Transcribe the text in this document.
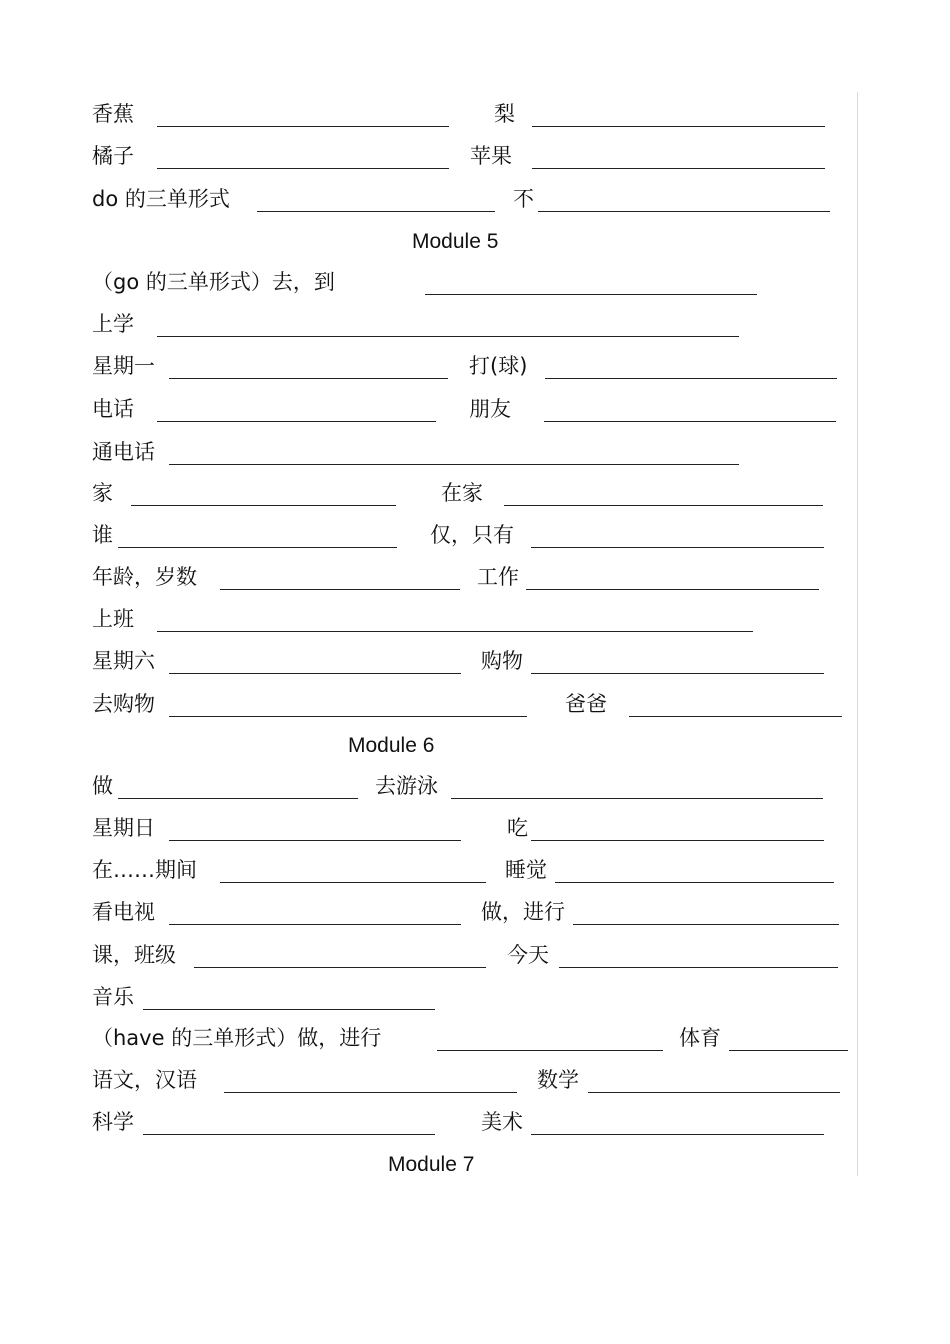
香蕉	梨
橘子	苹果
do 的三单形式	不
Module 5
（go 的三单形式）去，到
上学
星期一	打(球)
电话	朋友
通电话
家	在家
谁	仅，只有
年龄，岁数	工作
上班
星期六	购物
去购物	爸爸
Module 6
做	去游泳
星期日	吃
在……期间	睡觉
看电视	做，进行
课，班级	今天
音乐
（have 的三单形式）做，进行	体育
语文，汉语	数学
科学	美术
Module 7
